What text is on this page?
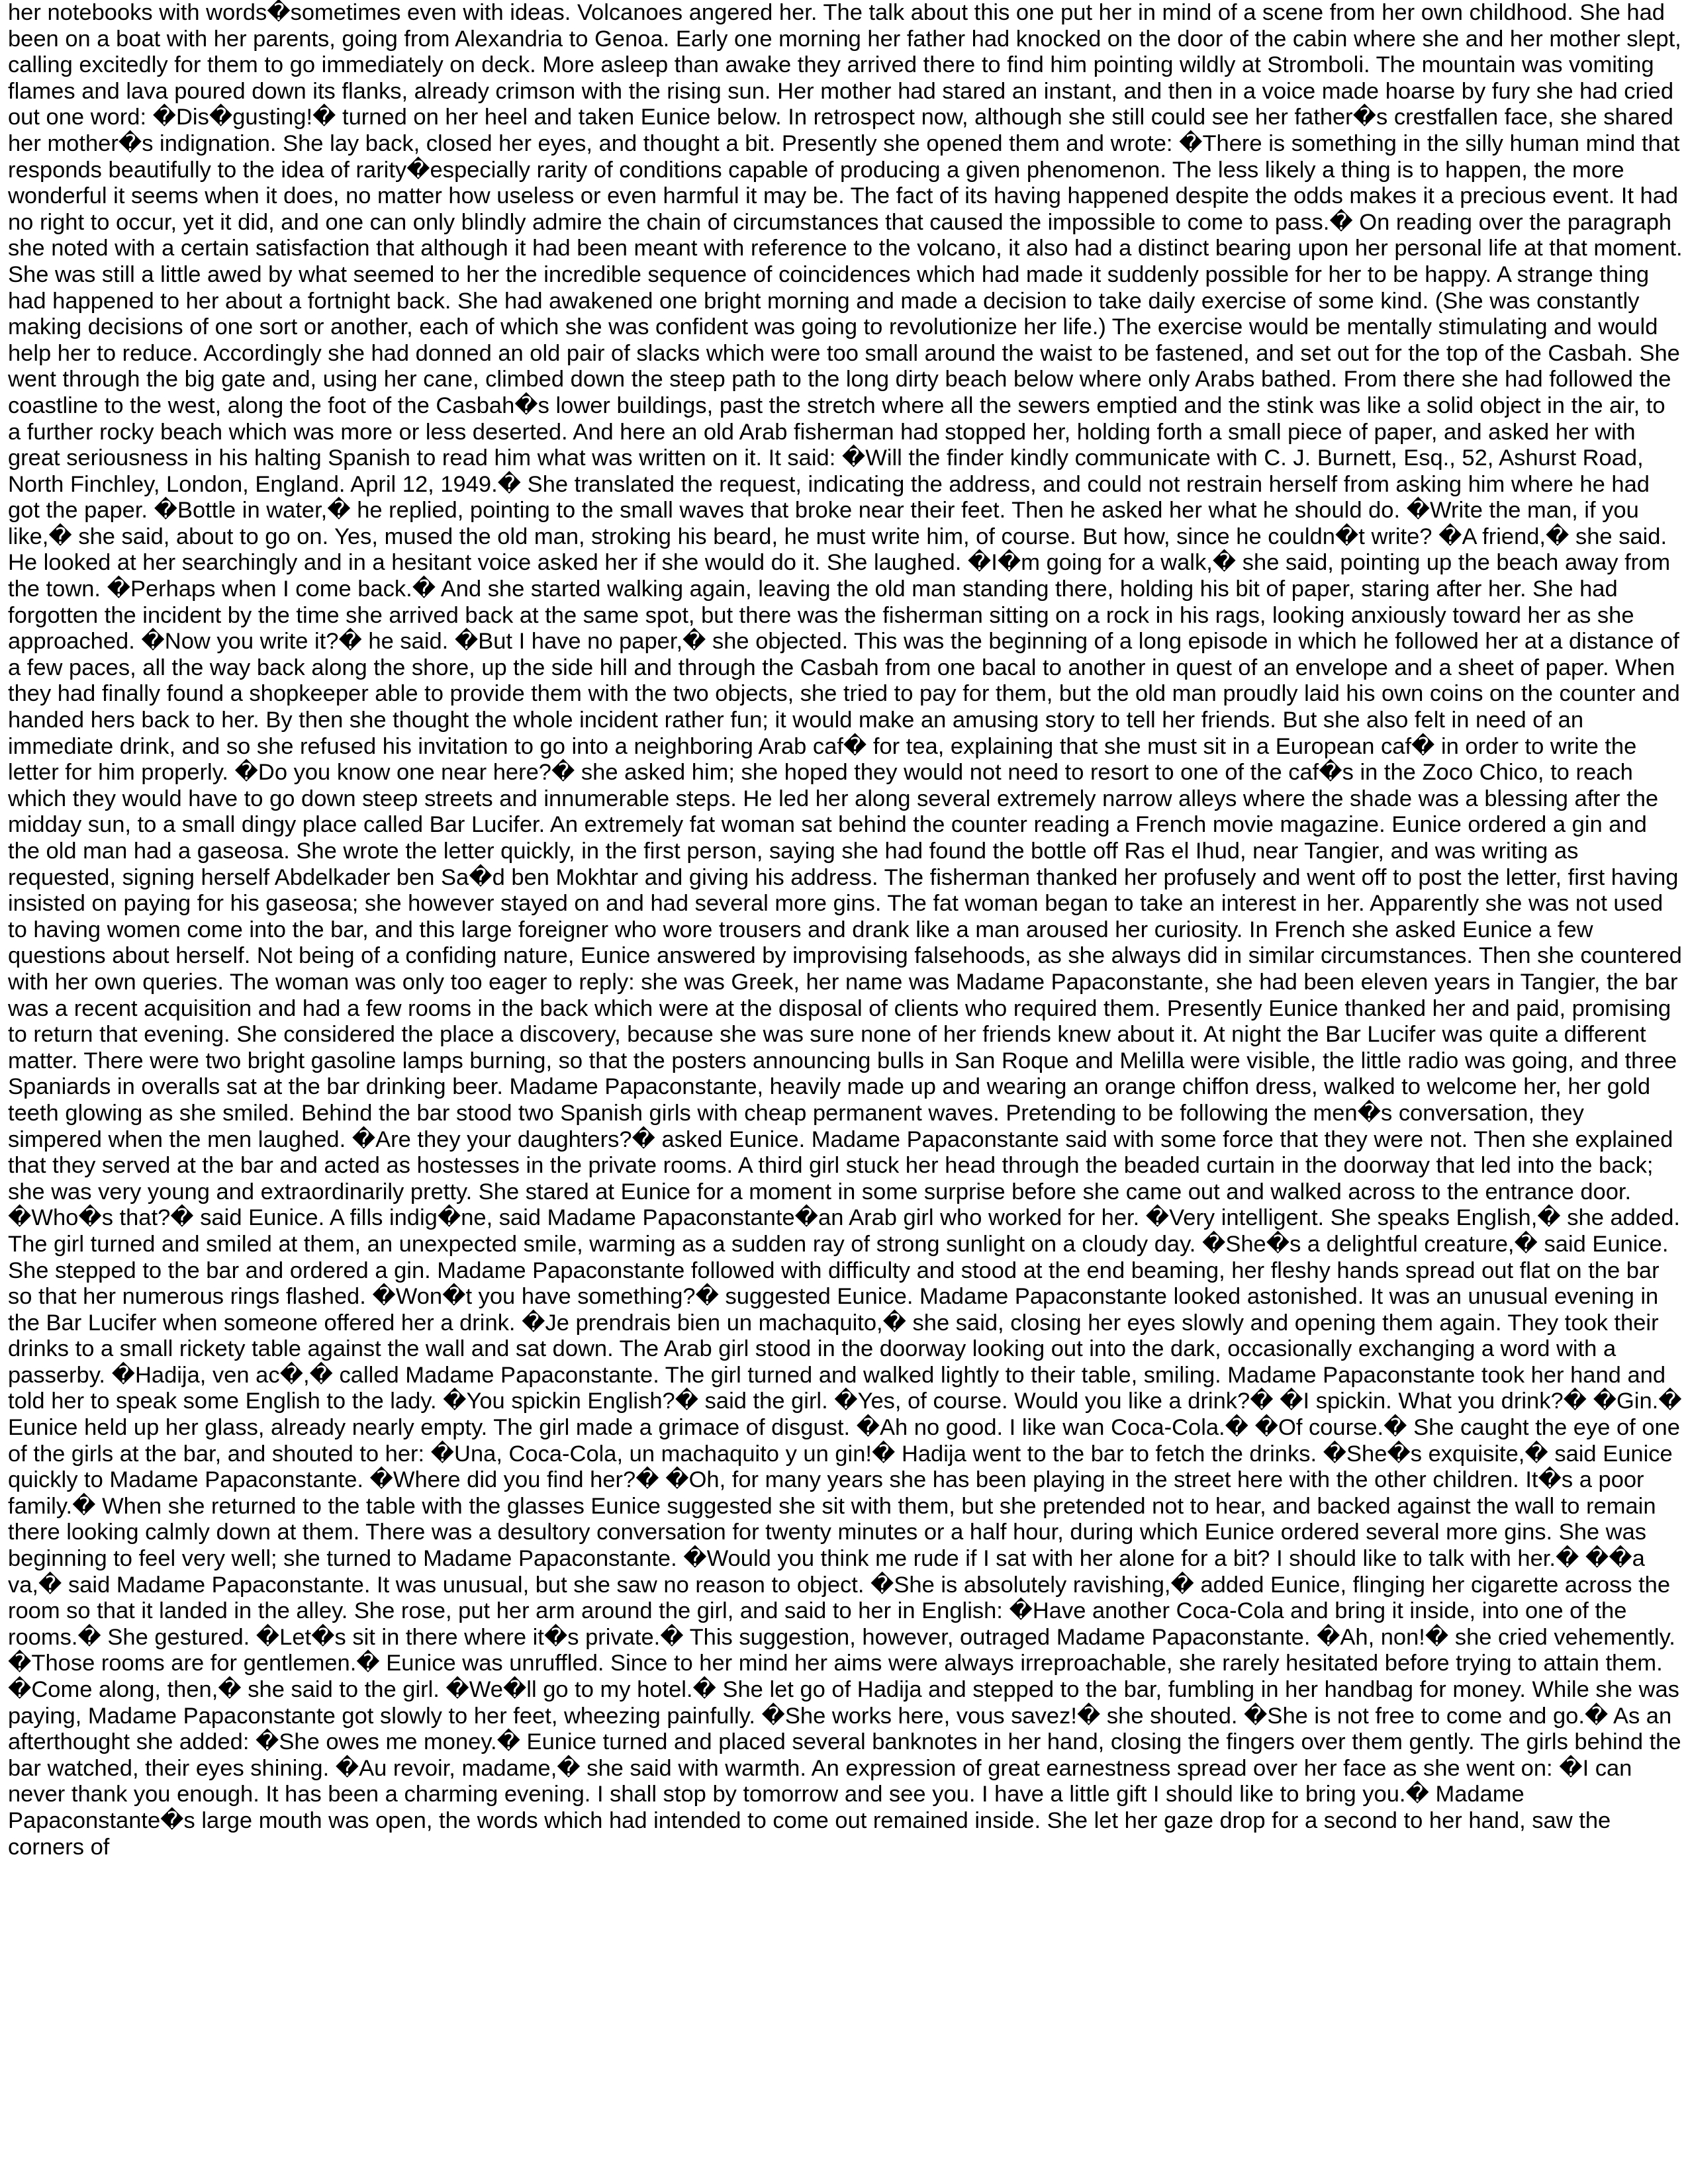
her notebooks with words�sometimes even with ideas. Volcanoes angered her. The talk about this one put her in mind of a scene from her own childhood. She had been on a boat with her parents, going from Alexandria to Genoa. Early one morning her father had knocked on the door of the cabin where she and her mother slept, calling excitedly for them to go immediately on deck. More asleep than awake they arrived there to find him pointing wildly at Stromboli. The mountain was vomiting flames and lava poured down its flanks, already crimson with the rising sun. Her mother had stared an instant, and then in a voice made hoarse by fury she had cried out one word: �Dis�gusting!� turned on her heel and taken Eunice below. In retrospect now, although she still could see her father�s crestfallen face, she shared her mother�s indignation. She lay back, closed her eyes, and thought a bit. Presently she opened them and wrote: �There is something in the silly human mind that responds beautifully to the idea of rarity�especially rarity of conditions capable of producing a given phenomenon. The less likely a thing is to happen, the more wonderful it seems when it does, no matter how useless or even harmful it may be. The fact of its having happened despite the odds makes it a precious event. It had no right to occur, yet it did, and one can only blindly admire the chain of circumstances that caused the impossible to come to pass.� On reading over the paragraph she noted with a certain satisfaction that although it had been meant with reference to the volcano, it also had a distinct bearing upon her personal life at that moment. She was still a little awed by what seemed to her the incredible sequence of coincidences which had made it suddenly possible for her to be happy. A strange thing had happened to her about a fortnight back. She had awakened one bright morning and made a decision to take daily exercise of some kind. (She was constantly making decisions of one sort or another, each of which she was confident was going to revolutionize her life.) The exercise would be mentally stimulating and would help her to reduce. Accordingly she had donned an old pair of slacks which were too small around the waist to be fastened, and set out for the top of the Casbah. She went through the big gate and, using her cane, climbed down the steep path to the long dirty beach below where only Arabs bathed. From there she had followed the coastline to the west, along the foot of the Casbah�s lower buildings, past the stretch where all the sewers emptied and the stink was like a solid object in the air, to a further rocky beach which was more or less deserted. And here an old Arab fisherman had stopped her, holding forth a small piece of paper, and asked her with great seriousness in his halting Spanish to read him what was written on it. It said: �Will the finder kindly communicate with C. J. Burnett, Esq., 52, Ashurst Road, North Finchley, London, England. April 12, 1949.� She translated the request, indicating the address, and could not restrain herself from asking him where he had got the paper. �Bottle in water,� he replied, pointing to the small waves that broke near their feet. Then he asked her what he should do. �Write the man, if you like,� she said, about to go on. Yes, mused the old man, stroking his beard, he must write him, of course. But how, since he couldn�t write? �A friend,� she said. He looked at her searchingly and in a hesitant voice asked her if she would do it. She laughed. �I�m going for a walk,� she said, pointing up the beach away from the town. �Perhaps when I come back.� And she started walking again, leaving the old man standing there, holding his bit of paper, staring after her. She had forgotten the incident by the time she arrived back at the same spot, but there was the fisherman sitting on a rock in his rags, looking anxiously toward her as she approached. �Now you write it?� he said. �But I have no paper,� she objected. This was the beginning of a long episode in which he followed her at a distance of a few paces, all the way back along the shore, up the side hill and through the Casbah from one bacal to another in quest of an envelope and a sheet of paper. When they had finally found a shopkeeper able to provide them with the two objects, she tried to pay for them, but the old man proudly laid his own coins on the counter and handed hers back to her. By then she thought the whole incident rather fun; it would make an amusing story to tell her friends. But she also felt in need of an immediate drink, and so she refused his invitation to go into a neighboring Arab caf� for tea, explaining that she must sit in a European caf� in order to write the letter for him properly. �Do you know one near here?� she asked him; she hoped they would not need to resort to one of the caf�s in the Zoco Chico, to reach which they would have to go down steep streets and innumerable steps. He led her along several extremely narrow alleys where the shade was a blessing after the midday sun, to a small dingy place called Bar Lucifer. An extremely fat woman sat behind the counter reading a French movie magazine. Eunice ordered a gin and the old man had a gaseosa. She wrote the letter quickly, in the first person, saying she had found the bottle off Ras el Ihud, near Tangier, and was writing as requested, signing herself Abdelkader ben Sa�d ben Mokhtar and giving his address. The fisherman thanked her profusely and went off to post the letter, first having insisted on paying for his gaseosa; she however stayed on and had several more gins. The fat woman began to take an interest in her. Apparently she was not used to having women come into the bar, and this large foreigner who wore trousers and drank like a man aroused her curiosity. In French she asked Eunice a few questions about herself. Not being of a confiding nature, Eunice answered by improvising falsehoods, as she always did in similar circumstances. Then she countered with her own queries. The woman was only too eager to reply: she was Greek, her name was Madame Papaconstante, she had been eleven years in Tangier, the bar was a recent acquisition and had a few rooms in the back which were at the disposal of clients who required them. Presently Eunice thanked her and paid, promising to return that evening. She considered the place a discovery, because she was sure none of her friends knew about it. At night the Bar Lucifer was quite a different matter. There were two bright gasoline lamps burning, so that the posters announcing bulls in San Roque and Melilla were visible, the little radio was going, and three Spaniards in overalls sat at the bar drinking beer. Madame Papaconstante, heavily made up and wearing an orange chiffon dress, walked to welcome her, her gold teeth glowing as she smiled. Behind the bar stood two Spanish girls with cheap permanent waves. Pretending to be following the men�s conversation, they simpered when the men laughed. �Are they your daughters?� asked Eunice. Madame Papaconstante said with some force that they were not. Then she explained that they served at the bar and acted as hostesses in the private rooms. A third girl stuck her head through the beaded curtain in the doorway that led into the back; she was very young and extraordinarily pretty. She stared at Eunice for a moment in some surprise before she came out and walked across to the entrance door. �Who�s that?� said Eunice. A fills indig�ne, said Madame Papaconstante�an Arab girl who worked for her. �Very intelligent. She speaks English,� she added. The girl turned and smiled at them, an unexpected smile, warming as a sudden ray of strong sunlight on a cloudy day. �She�s a delightful creature,� said Eunice. She stepped to the bar and ordered a gin. Madame Papaconstante followed with difficulty and stood at the end beaming, her fleshy hands spread out flat on the bar so that her numerous rings flashed. �Won�t you have something?� suggested Eunice. Madame Papaconstante looked astonished. It was an unusual evening in the Bar Lucifer when someone offered her a drink. �Je prendrais bien un machaquito,� she said, closing her eyes slowly and opening them again. They took their drinks to a small rickety table against the wall and sat down. The Arab girl stood in the doorway looking out into the dark, occasionally exchanging a word with a passerby. �Hadija, ven ac�,� called Madame Papaconstante. The girl turned and walked lightly to their table, smiling. Madame Papaconstante took her hand and told her to speak some English to the lady. �You spickin English?� said the girl. �Yes, of course. Would you like a drink?� �I spickin. What you drink?� �Gin.� Eunice held up her glass, already nearly empty. The girl made a grimace of disgust. �Ah no good. I like wan Coca-Cola.� �Of course.� She caught the eye of one of the girls at the bar, and shouted to her: �Una, Coca-Cola, un machaquito y un gin!� Hadija went to the bar to fetch the drinks. �She�s exquisite,� said Eunice quickly to Madame Papaconstante. �Where did you find her?� �Oh, for many years she has been playing in the street here with the other children. It�s a poor family.� When she returned to the table with the glasses Eunice suggested she sit with them, but she pretended not to hear, and backed against the wall to remain there looking calmly down at them. There was a desultory conversation for twenty minutes or a half hour, during which Eunice ordered several more gins. She was beginning to feel very well; she turned to Madame Papaconstante. �Would you think me rude if I sat with her alone for a bit? I should like to talk with her.� ��a va,� said Madame Papaconstante. It was unusual, but she saw no reason to object. �She is absolutely ravishing,� added Eunice, flinging her cigarette across the room so that it landed in the alley. She rose, put her arm around the girl, and said to her in English: �Have another Coca-Cola and bring it inside, into one of the rooms.� She gestured. �Let�s sit in there where it�s private.� This suggestion, however, outraged Madame Papaconstante. �Ah, non!� she cried vehemently. �Those rooms are for gentlemen.� Eunice was unruffled. Since to her mind her aims were always irreproachable, she rarely hesitated before trying to attain them. �Come along, then,� she said to the girl. �We�ll go to my hotel.� She let go of Hadija and stepped to the bar, fumbling in her handbag for money. While she was paying, Madame Papaconstante got slowly to her feet, wheezing painfully. �She works here, vous savez!� she shouted. �She is not free to come and go.� As an afterthought she added: �She owes me money.� Eunice turned and placed several banknotes in her hand, closing the fingers over them gently. The girls behind the bar watched, their eyes shining. �Au revoir, madame,� she said with warmth. An expression of great earnestness spread over her face as she went on: �I can never thank you enough. It has been a charming evening. I shall stop by tomorrow and see you. I have a little gift I should like to bring you.� Madame Papaconstante�s large mouth was open, the words which had intended to come out remained inside. She let her gaze drop for a second to her hand, saw the corners of
